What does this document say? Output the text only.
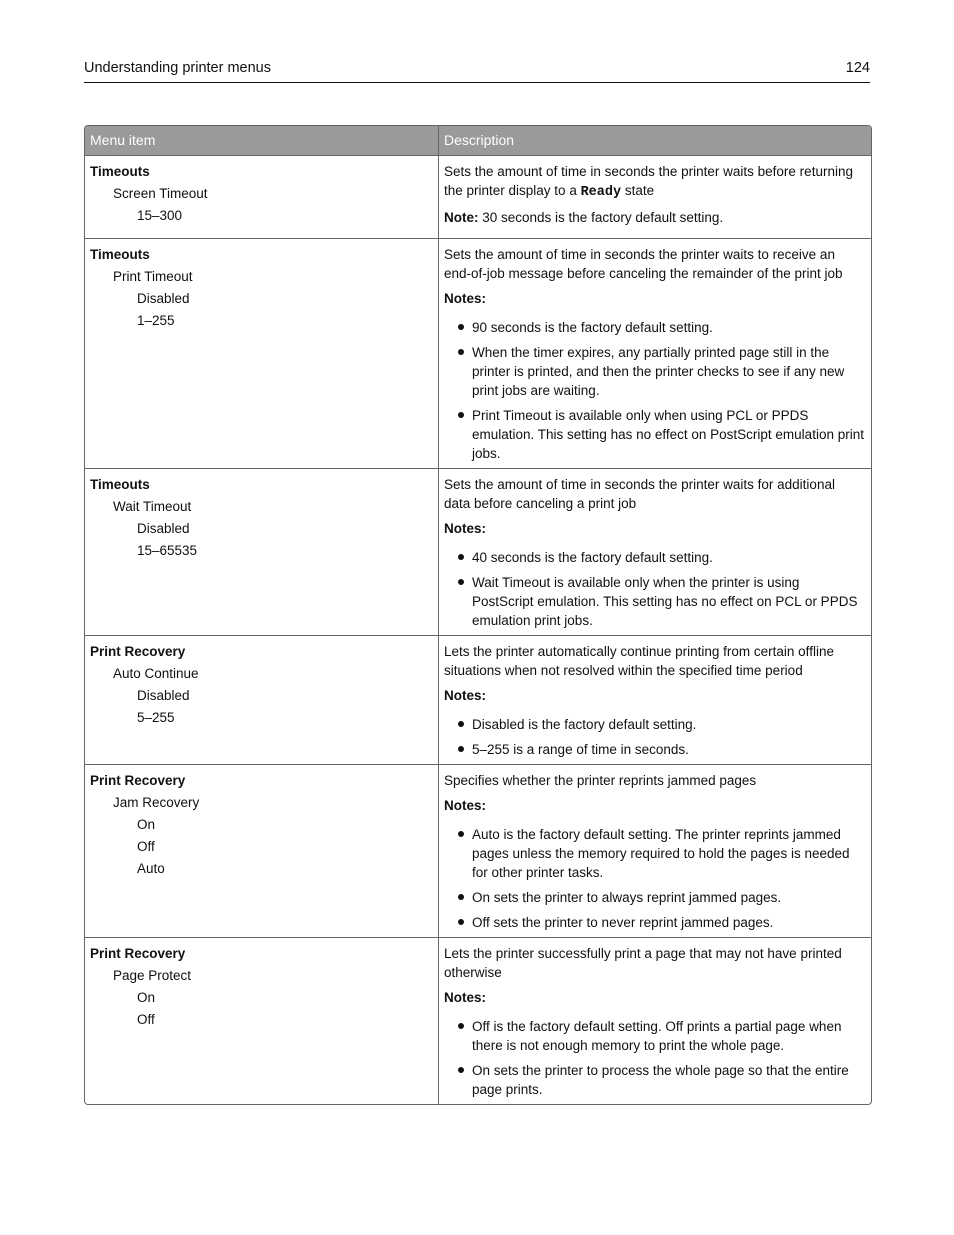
Understanding printer menus	124
Menu item	Description
Timeouts
Screen Timeout
15–300

Sets the amount of time in seconds the printer waits before returning the printer display to a Ready state

Note: 30 seconds is the factory default setting.

Timeouts
Print Timeout
Disabled
1–255

Sets the amount of time in seconds the printer waits to receive an end-of-job message before canceling the remainder of the print job

Notes:

90 seconds is the factory default setting.
When the timer expires, any partially printed page still in the printer is printed, and then the printer checks to see if any new print jobs are waiting.
Print Timeout is available only when using PCL or PPDS emulation. This setting has no effect on PostScript emulation print jobs.
Timeouts
Wait Timeout
Disabled
15–65535

Sets the amount of time in seconds the printer waits for additional data before canceling a print job

Notes:

40 seconds is the factory default setting.
Wait Timeout is available only when the printer is using PostScript emulation. This setting has no effect on PCL or PPDS emulation print jobs.
Print Recovery
Auto Continue
Disabled
5–255

Lets the printer automatically continue printing from certain offline situations when not resolved within the specified time period

Notes:

Disabled is the factory default setting.
5–255 is a range of time in seconds.
Print Recovery
Jam Recovery
On
Off
Auto

Specifies whether the printer reprints jammed pages

Notes:

Auto is the factory default setting. The printer reprints jammed pages unless the memory required to hold the pages is needed for other printer tasks.
On sets the printer to always reprint jammed pages.
Off sets the printer to never reprint jammed pages.
Print Recovery
Page Protect
On
Off

Lets the printer successfully print a page that may not have printed otherwise

Notes:

Off is the factory default setting. Off prints a partial page when there is not enough memory to print the whole page.
On sets the printer to process the whole page so that the entire page prints.
